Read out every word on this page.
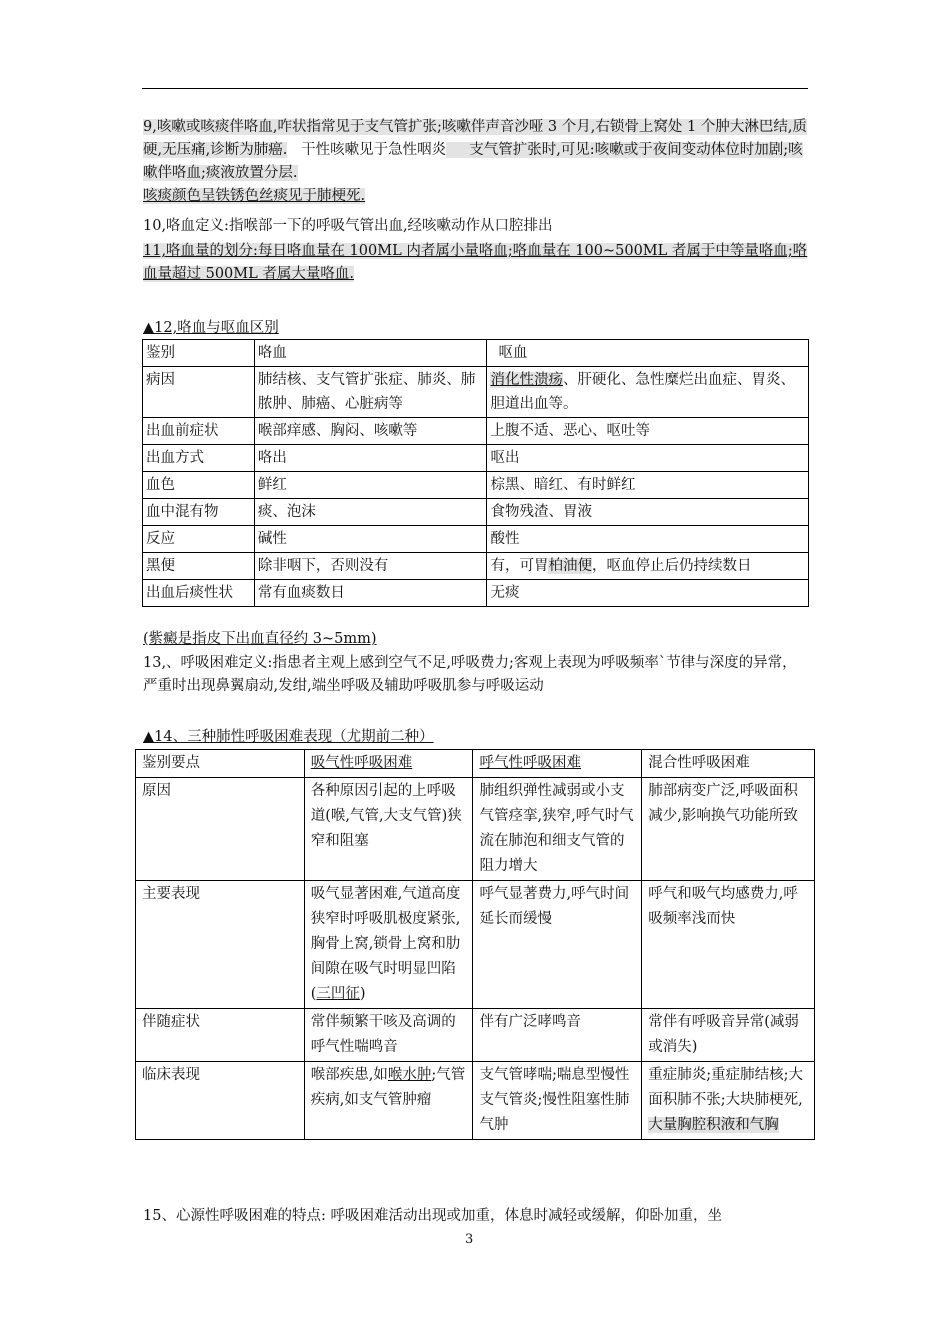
9,咳嗽或咳痰伴咯血,咋状指常见于支气管扩张;咳嗽伴声音沙哑 3 个月,右锁骨上窝处 1 个肿大淋巴结,质硬,无压痛,诊断为肺癌.   干性咳嗽见于急性咽炎     支气管扩张时,可见:咳嗽或于夜间变动体位时加剧;咳嗽伴咯血;痰液放置分层.
咳痰颜色呈铁锈色丝痰见于肺梗死.
10,咯血定义:指喉部一下的呼吸气管出血,经咳嗽动作从口腔排出
11,咯血量的划分:每日咯血量在 100ML 内者属小量咯血;咯血量在 100~500ML 者属于中等量咯血;咯血量超过 500ML 者属大量咯血.
▲12,咯血与呕血区别
鉴别	咯血	呕血
病因	肺结核、支气管扩张症、肺炎、肺脓肿、肺癌、心脏病等	消化性溃疡、肝硬化、急性糜烂出血症、胃炎、胆道出血等。
出血前症状	喉部痒感、胸闷、咳嗽等	上腹不适、恶心、呕吐等
出血方式	咯出	呕出
血色	鲜红	棕黑、暗红、有时鲜红
血中混有物	痰、泡沫	食物残渣、胃液
反应	碱性	酸性
黑便	除非咽下，否则没有	有，可胃柏油便，呕血停止后仍持续数日
出血后痰性状	常有血痰数日	无痰
(紫癜是指皮下出血直径约 3~5mm)
13,、呼吸困难定义:指患者主观上感到空气不足,呼吸费力;客观上表现为呼吸频率`节律与深度的异常，严重时出现鼻翼扇动,发绀,端坐呼吸及辅助呼吸肌参与呼吸运动
▲14、三种肺性呼吸困难表现（尤期前二种）
鉴别要点	吸气性呼吸困难	呼气性呼吸困难	混合性呼吸困难
原因	各种原因引起的上呼吸道(喉,气管,大支气管)狭窄和阻塞	肺组织弹性减弱或小支气管痉挛,狭窄,呼气时气流在肺泡和细支气管的阻力增大	肺部病变广泛,呼吸面积减少,影响换气功能所致
主要表现	吸气显著困难,气道高度狭窄时呼吸肌极度紧张,胸骨上窝,锁骨上窝和肋间隙在吸气时明显凹陷(三凹征)	呼气显著费力,呼气时间延长而缓慢	呼气和吸气均感费力,呼吸频率浅而快
伴随症状	常伴频繁干咳及高调的呼气性喘鸣音	伴有广泛哮鸣音	常伴有呼吸音异常(减弱或消失)
临床表现	喉部疾患,如喉水肿;气管疾病,如支气管肿瘤	支气管哮喘;喘息型慢性支气管炎;慢性阻塞性肺气肿	重症肺炎;重症肺结核;大面积肺不张;大块肺梗死,大量胸腔积液和气胸
15、心源性呼吸困难的特点: 呼吸困难活动出现或加重，体息时减轻或缓解，仰卧加重，坐
3
